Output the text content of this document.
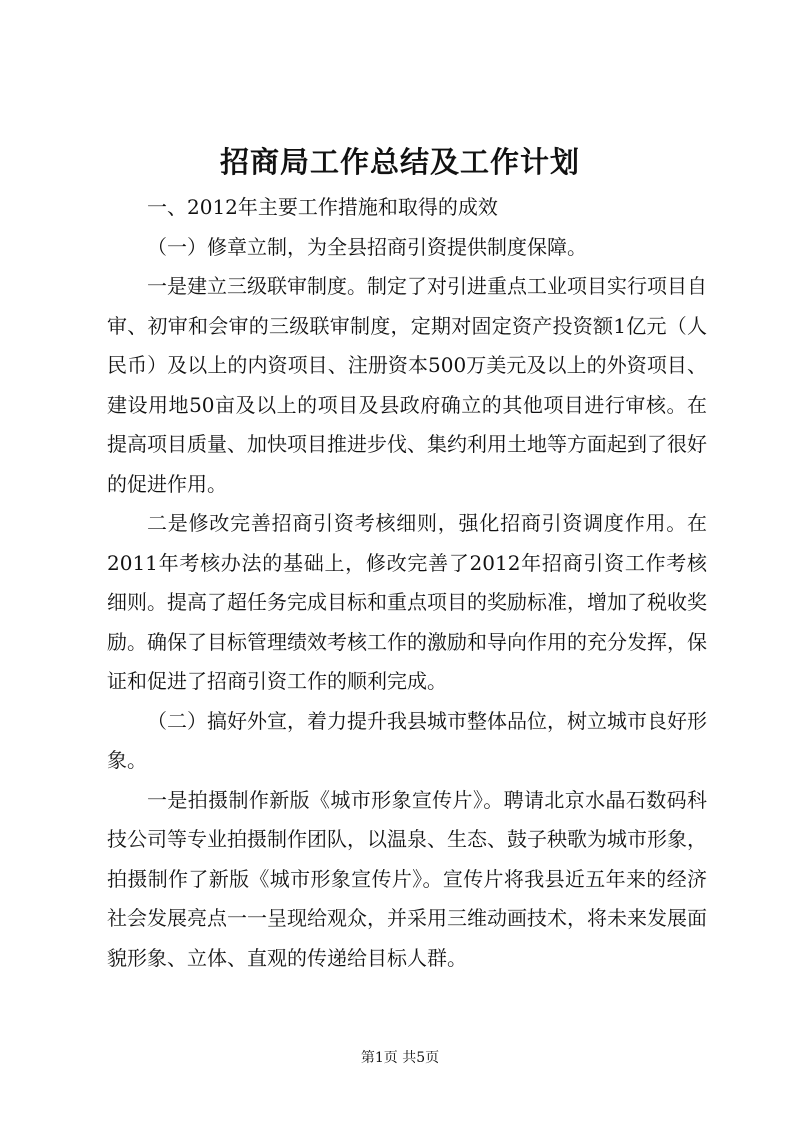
招商局工作总结及工作计划

一、2012年主要工作措施和取得的成效

（一）修章立制，为全县招商引资提供制度保障。

一是建立三级联审制度。制定了对引进重点工业项目实行项目自审、初审和会审的三级联审制度，定期对固定资产投资额1亿元（人民币）及以上的内资项目、注册资本500万美元及以上的外资项目、建设用地50亩及以上的项目及县政府确立的其他项目进行审核。在提高项目质量、加快项目推进步伐、集约利用土地等方面起到了很好的促进作用。

二是修改完善招商引资考核细则，强化招商引资调度作用。在2011年考核办法的基础上，修改完善了2012年招商引资工作考核细则。提高了超任务完成目标和重点项目的奖励标准，增加了税收奖励。确保了目标管理绩效考核工作的激励和导向作用的充分发挥，保证和促进了招商引资工作的顺利完成。

（二）搞好外宣，着力提升我县城市整体品位，树立城市良好形象。

一是拍摄制作新版《城市形象宣传片》。聘请北京水晶石数码科技公司等专业拍摄制作团队，以温泉、生态、鼓子秧歌为城市形象，拍摄制作了新版《城市形象宣传片》。宣传片将我县近五年来的经济社会发展亮点一一呈现给观众，并采用三维动画技术，将未来发展面貌形象、立体、直观的传递给目标人群。

第1页 共5页
